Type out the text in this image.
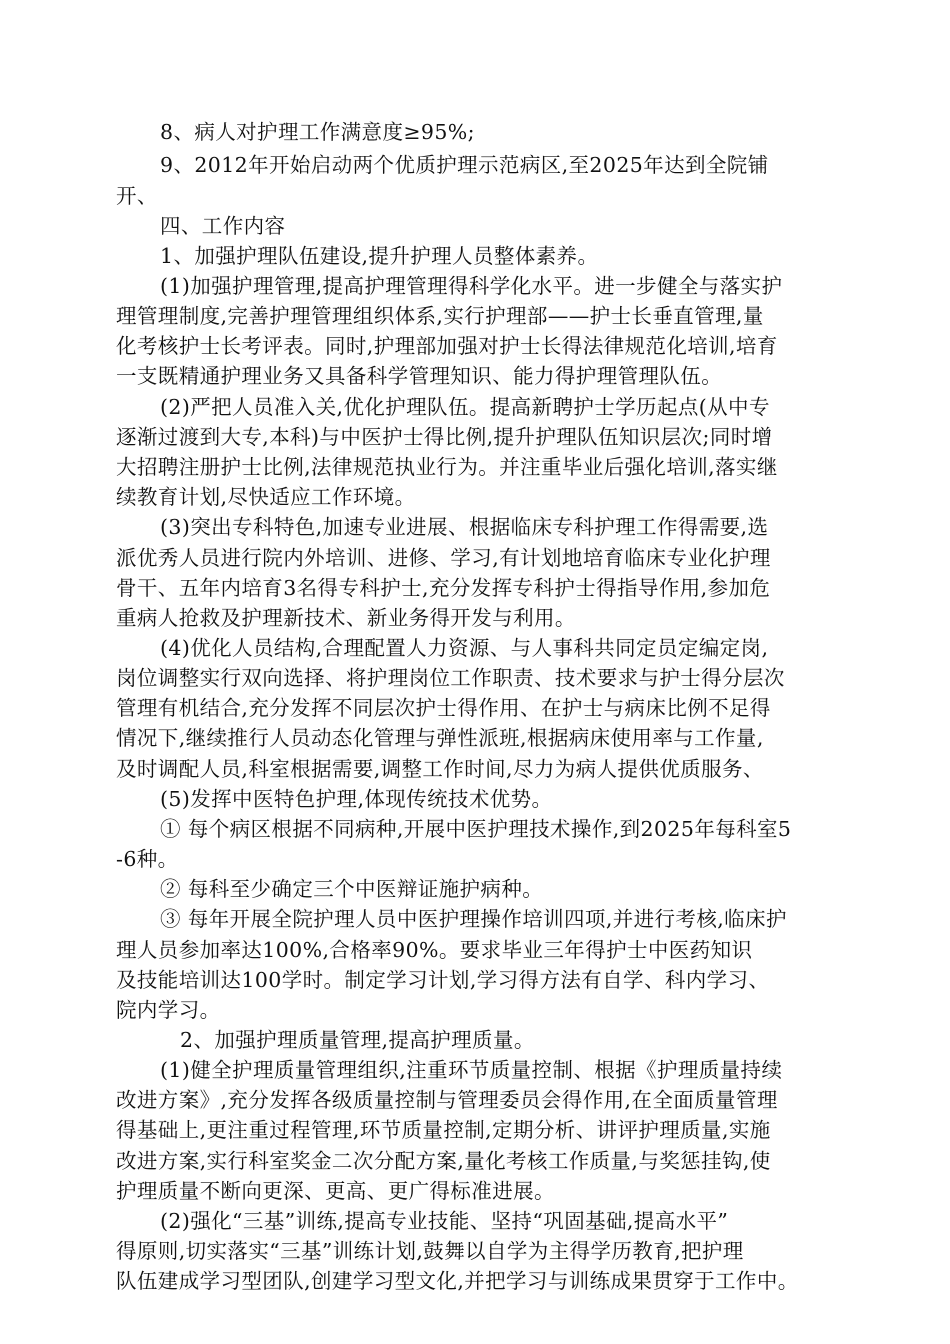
8、病人对护理工作满意度≥95%;
9、2012年开始启动两个优质护理示范病区,至2025年达到全院铺
开、
四、工作内容
1、加强护理队伍建设,提升护理人员整体素养。
(1)加强护理管理,提高护理管理得科学化水平。进一步健全与落实护
理管理制度,完善护理管理组织体系,实行护理部——护士长垂直管理,量
化考核护士长考评表。同时,护理部加强对护士长得法律规范化培训,培育
一支既精通护理业务又具备科学管理知识、能力得护理管理队伍。
(2)严把人员准入关,优化护理队伍。提高新聘护士学历起点(从中专
逐渐过渡到大专,本科)与中医护士得比例,提升护理队伍知识层次;同时增
大招聘注册护士比例,法律规范执业行为。并注重毕业后强化培训,落实继
续教育计划,尽快适应工作环境。
(3)突出专科特色,加速专业进展、根据临床专科护理工作得需要,选
派优秀人员进行院内外培训、进修、学习,有计划地培育临床专业化护理
骨干、五年内培育3名得专科护士,充分发挥专科护士得指导作用,参加危
重病人抢救及护理新技术、新业务得开发与利用。
(4)优化人员结构,合理配置人力资源、与人事科共同定员定编定岗,
岗位调整实行双向选择、将护理岗位工作职责、技术要求与护士得分层次
管理有机结合,充分发挥不同层次护士得作用、在护士与病床比例不足得
情况下,继续推行人员动态化管理与弹性派班,根据病床使用率与工作量,
及时调配人员,科室根据需要,调整工作时间,尽力为病人提供优质服务、
(5)发挥中医特色护理,体现传统技术优势。
① 每个病区根据不同病种,开展中医护理技术操作,到2025年每科室5
-6种。
② 每科至少确定三个中医辩证施护病种。
③ 每年开展全院护理人员中医护理操作培训四项,并进行考核,临床护
理人员参加率达100%,合格率90%。要求毕业三年得护士中医药知识
及技能培训达100学时。制定学习计划,学习得方法有自学、科内学习、
院内学习。
2、加强护理质量管理,提高护理质量。
(1)健全护理质量管理组织,注重环节质量控制、根据《护理质量持续
改进方案》,充分发挥各级质量控制与管理委员会得作用,在全面质量管理
得基础上,更注重过程管理,环节质量控制,定期分析、讲评护理质量,实施
改进方案,实行科室奖金二次分配方案,量化考核工作质量,与奖惩挂钩,使
护理质量不断向更深、更高、更广得标准进展。
(2)强化“三基”训练,提高专业技能、坚持“巩固基础,提高水平”
得原则,切实落实“三基”训练计划,鼓舞以自学为主得学历教育,把护理
队伍建成学习型团队,创建学习型文化,并把学习与训练成果贯穿于工作中。
